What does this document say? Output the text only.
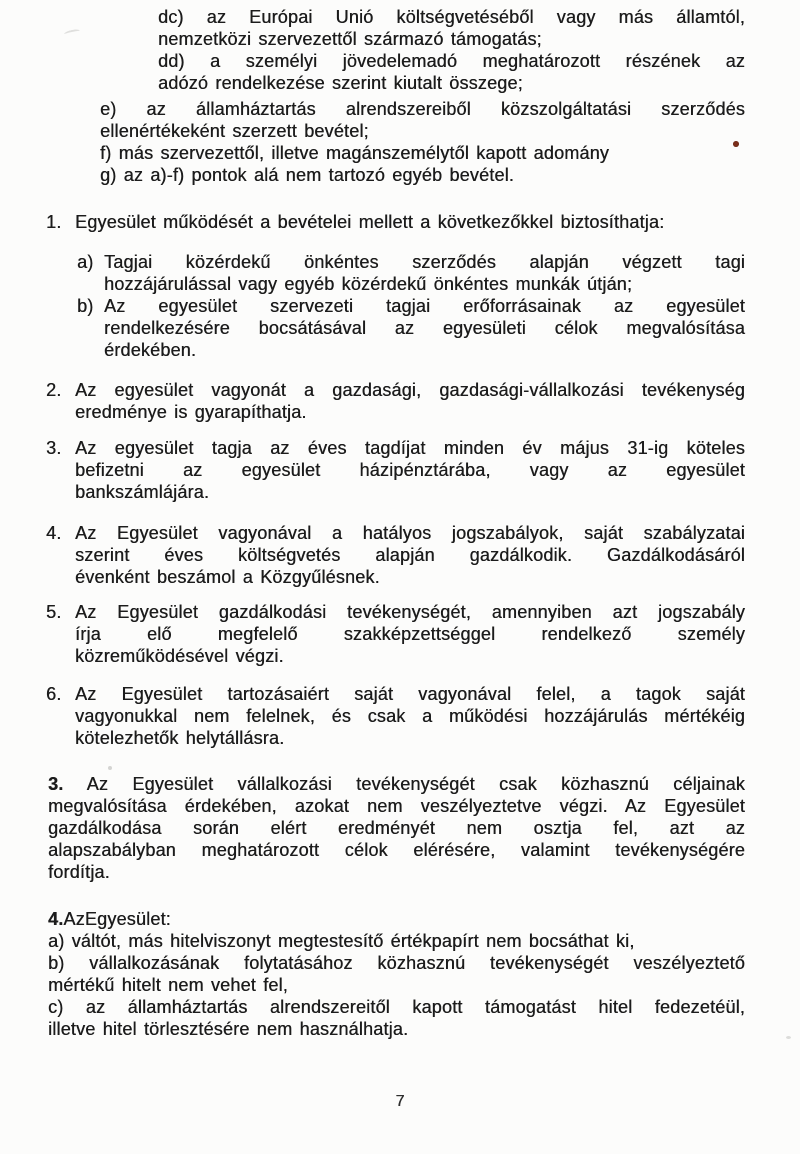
dc) az Európai Unió költségvetéséből vagy más államtól,
nemzetközi szervezettől származó támogatás;
dd) a személyi jövedelemadó meghatározott részének az
adózó rendelkezése szerint kiutalt összege;
e) az államháztartás alrendszereiből közszolgáltatási szerződés
ellenértékeként szerzett bevétel;
f) más szervezettől, illetve magánszemélytől kapott adomány
g) az a)-f) pontok alá nem tartozó egyéb bevétel.
1. Egyesület működését a bevételei mellett a következőkkel biztosíthatja:
a) Tagjai közérdekű önkéntes szerződés alapján végzett tagi
hozzájárulással vagy egyéb közérdekű önkéntes munkák útján;
b) Az egyesület szervezeti tagjai erőforrásainak az egyesület
rendelkezésére bocsátásával az egyesületi célok megvalósítása
érdekében.
2. Az egyesület vagyonát a gazdasági, gazdasági-vállalkozási tevékenység
eredménye is gyarapíthatja.
3. Az egyesület tagja az éves tagdíjat minden év május 31-ig köteles
befizetni az egyesület házipénztárába, vagy az egyesület
bankszámlájára.
4. Az Egyesület vagyonával a hatályos jogszabályok, saját szabályzatai
szerint éves költségvetés alapján gazdálkodik. Gazdálkodásáról
évenként beszámol a Közgyűlésnek.
5. Az Egyesület gazdálkodási tevékenységét, amennyiben azt jogszabály
írja elő megfelelő szakképzettséggel rendelkező személy
közreműködésével végzi.
6. Az Egyesület tartozásaiért saját vagyonával felel, a tagok saját
vagyonukkal nem felelnek, és csak a működési hozzájárulás mértékéig
kötelezhetők helytállásra.
3. Az Egyesület vállalkozási tevékenységét csak közhasznú céljainak
megvalósítása érdekében, azokat nem veszélyeztetve végzi. Az Egyesület
gazdálkodása során elért eredményét nem osztja fel, azt az
alapszabályban meghatározott célok elérésére, valamint tevékenységére
fordítja.
4.AzEgyesület:
a) váltót, más hitelviszonyt megtestesítő értékpapírt nem bocsáthat ki,
b) vállalkozásának folytatásához közhasznú tevékenységét veszélyeztető
mértékű hitelt nem vehet fel,
c) az államháztartás alrendszereitől kapott támogatást hitel fedezetéül,
illetve hitel törlesztésére nem használhatja.
7
